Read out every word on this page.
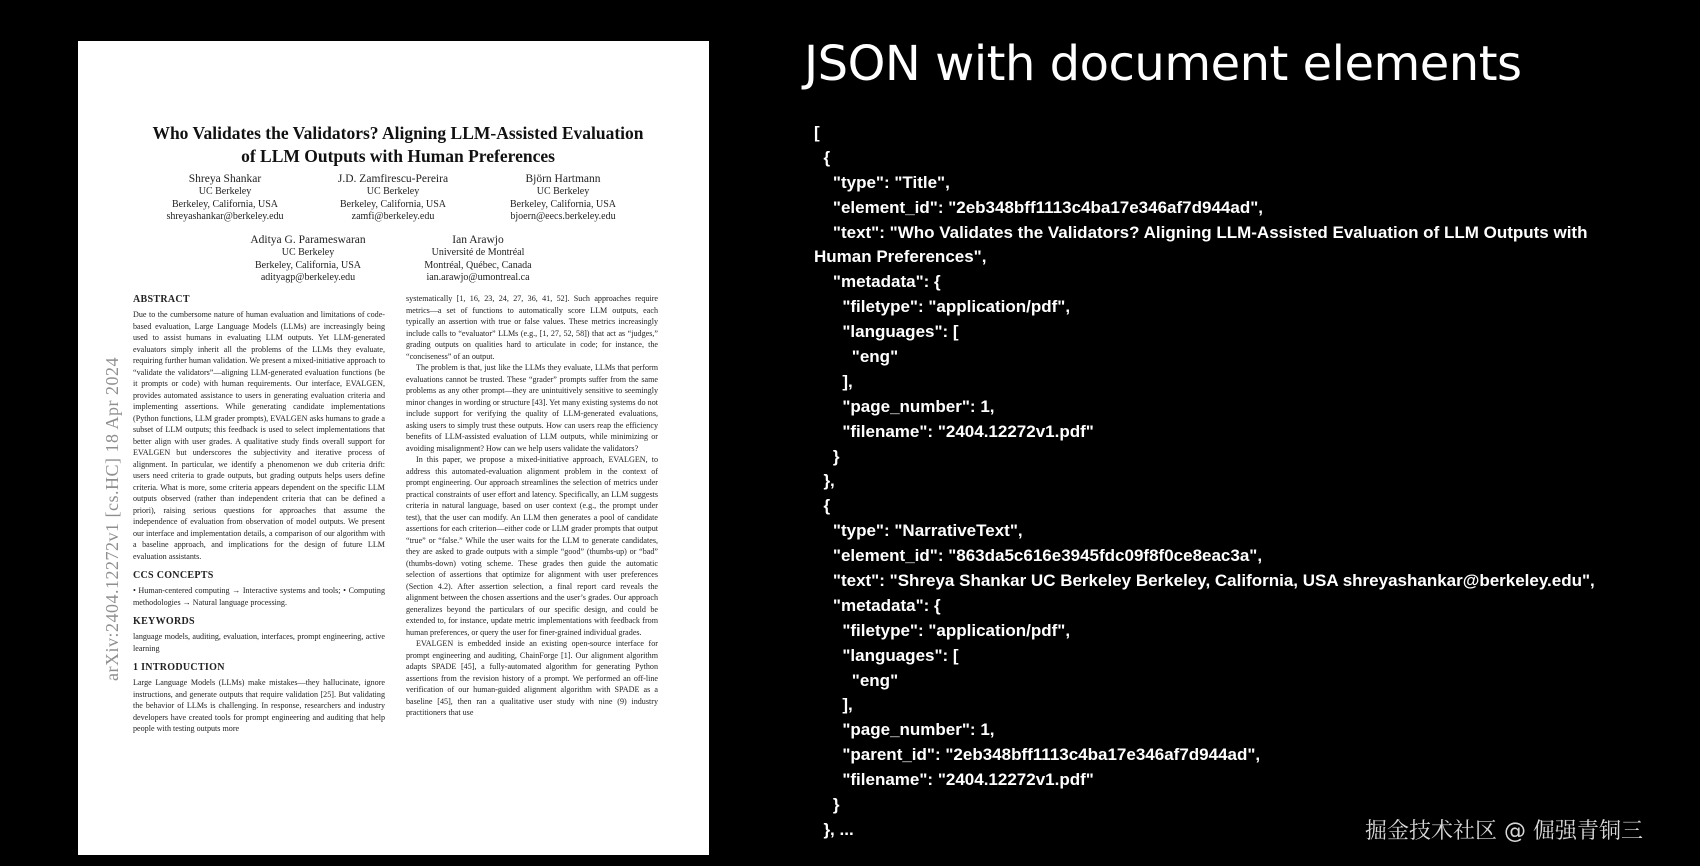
arXiv:2404.12272v1 [cs.HC] 18 Apr 2024
Who Validates the Validators? Aligning LLM-Assisted Evaluation
of LLM Outputs with Human Preferences
Shreya Shankar
UC Berkeley
Berkeley, California, USA
shreyashankar@berkeley.edu
J.D. Zamfirescu-Pereira
UC Berkeley
Berkeley, California, USA
zamfi@berkeley.edu
Björn Hartmann
UC Berkeley
Berkeley, California, USA
bjoern@eecs.berkeley.edu
Aditya G. Parameswaran
UC Berkeley
Berkeley, California, USA
adityagp@berkeley.edu
Ian Arawjo
Université de Montréal
Montréal, Québec, Canada
ian.arawjo@umontreal.ca
ABSTRACT
Due to the cumbersome nature of human evaluation and limitations of code-based evaluation, Large Language Models (LLMs) are increasingly being used to assist humans in evaluating LLM outputs. Yet LLM-generated evaluators simply inherit all the problems of the LLMs they evaluate, requiring further human validation. We present a mixed-initiative approach to “validate the validators”—aligning LLM-generated evaluation functions (be it prompts or code) with human requirements. Our interface, EVALGEN, provides automated assistance to users in generating evaluation criteria and implementing assertions. While generating candidate implementations (Python functions, LLM grader prompts), EVALGEN asks humans to grade a subset of LLM outputs; this feedback is used to select implementations that better align with user grades. A qualitative study finds overall support for EVALGEN but underscores the subjectivity and iterative process of alignment. In particular, we identify a phenomenon we dub criteria drift: users need criteria to grade outputs, but grading outputs helps users define criteria. What is more, some criteria appears dependent on the specific LLM outputs observed (rather than independent criteria that can be defined a priori), raising serious questions for approaches that assume the independence of evaluation from observation of model outputs. We present our interface and implementation details, a comparison of our algorithm with a baseline approach, and implications for the design of future LLM evaluation assistants.
CCS CONCEPTS
• Human-centered computing → Interactive systems and tools; • Computing methodologies → Natural language processing.
KEYWORDS
language models, auditing, evaluation, interfaces, prompt engineering, active learning
1 INTRODUCTION
Large Language Models (LLMs) make mistakes—they hallucinate, ignore instructions, and generate outputs that require validation [25]. But validating the behavior of LLMs is challenging. In response, researchers and industry developers have created tools for prompt engineering and auditing that help people with testing outputs more

systematically [1, 16, 23, 24, 27, 36, 41, 52]. Such approaches require metrics—a set of functions to automatically score LLM outputs, each typically an assertion with true or false values. These metrics increasingly include calls to “evaluator” LLMs (e.g., [1, 27, 52, 58]) that act as “judges,” grading outputs on qualities hard to articulate in code; for instance, the “conciseness” of an output.

The problem is that, just like the LLMs they evaluate, LLMs that perform evaluations cannot be trusted. These “grader” prompts suffer from the same problems as any other prompt—they are unintuitively sensitive to seemingly minor changes in wording or structure [43]. Yet many existing systems do not include support for verifying the quality of LLM-generated evaluations, asking users to simply trust these outputs. How can users reap the efficiency benefits of LLM-assisted evaluation of LLM outputs, while minimizing or avoiding misalignment? How can we help users validate the validators?

In this paper, we propose a mixed-initiative approach, EVALGEN, to address this automated-evaluation alignment problem in the context of prompt engineering. Our approach streamlines the selection of metrics under practical constraints of user effort and latency. Specifically, an LLM suggests criteria in natural language, based on user context (e.g., the prompt under test), that the user can modify. An LLM then generates a pool of candidate assertions for each criterion—either code or LLM grader prompts that output “true” or “false.” While the user waits for the LLM to generate candidates, they are asked to grade outputs with a simple “good” (thumbs-up) or “bad” (thumbs-down) voting scheme. These grades then guide the automatic selection of assertions that optimize for alignment with user preferences (Section 4.2). After assertion selection, a final report card reveals the alignment between the chosen assertions and the user’s grades. Our approach generalizes beyond the particulars of our specific design, and could be extended to, for instance, update metric implementations with feedback from human preferences, or query the user for finer-grained individual grades.

EVALGEN is embedded inside an existing open-source interface for prompt engineering and auditing, ChainForge [1]. Our alignment algorithm adapts SPADE [45], a fully-automated algorithm for generating Python assertions from the revision history of a prompt. We performed an off-line verification of our human-guided alignment algorithm with SPADE as a baseline [45], then ran a qualitative user study with nine (9) industry practitioners that use

JSON with document elements
[
{
"type": "Title",
"element_id": "2eb348bff1113c4ba17e346af7d944ad",
"text": "Who Validates the Validators? Aligning LLM-Assisted Evaluation of LLM Outputs with
Human Preferences",
"metadata": {
"filetype": "application/pdf",
"languages": [
"eng"
],
"page_number": 1,
"filename": "2404.12272v1.pdf"
}
},
{
"type": "NarrativeText",
"element_id": "863da5c616e3945fdc09f8f0ce8eac3a",
"text": "Shreya Shankar UC Berkeley Berkeley, California, USA shreyashankar@berkeley.edu",
"metadata": {
"filetype": "application/pdf",
"languages": [
"eng"
],
"page_number": 1,
"parent_id": "2eb348bff1113c4ba17e346af7d944ad",
"filename": "2404.12272v1.pdf"
}
}, ...	掘金技术社区 @ 倔强青铜三
